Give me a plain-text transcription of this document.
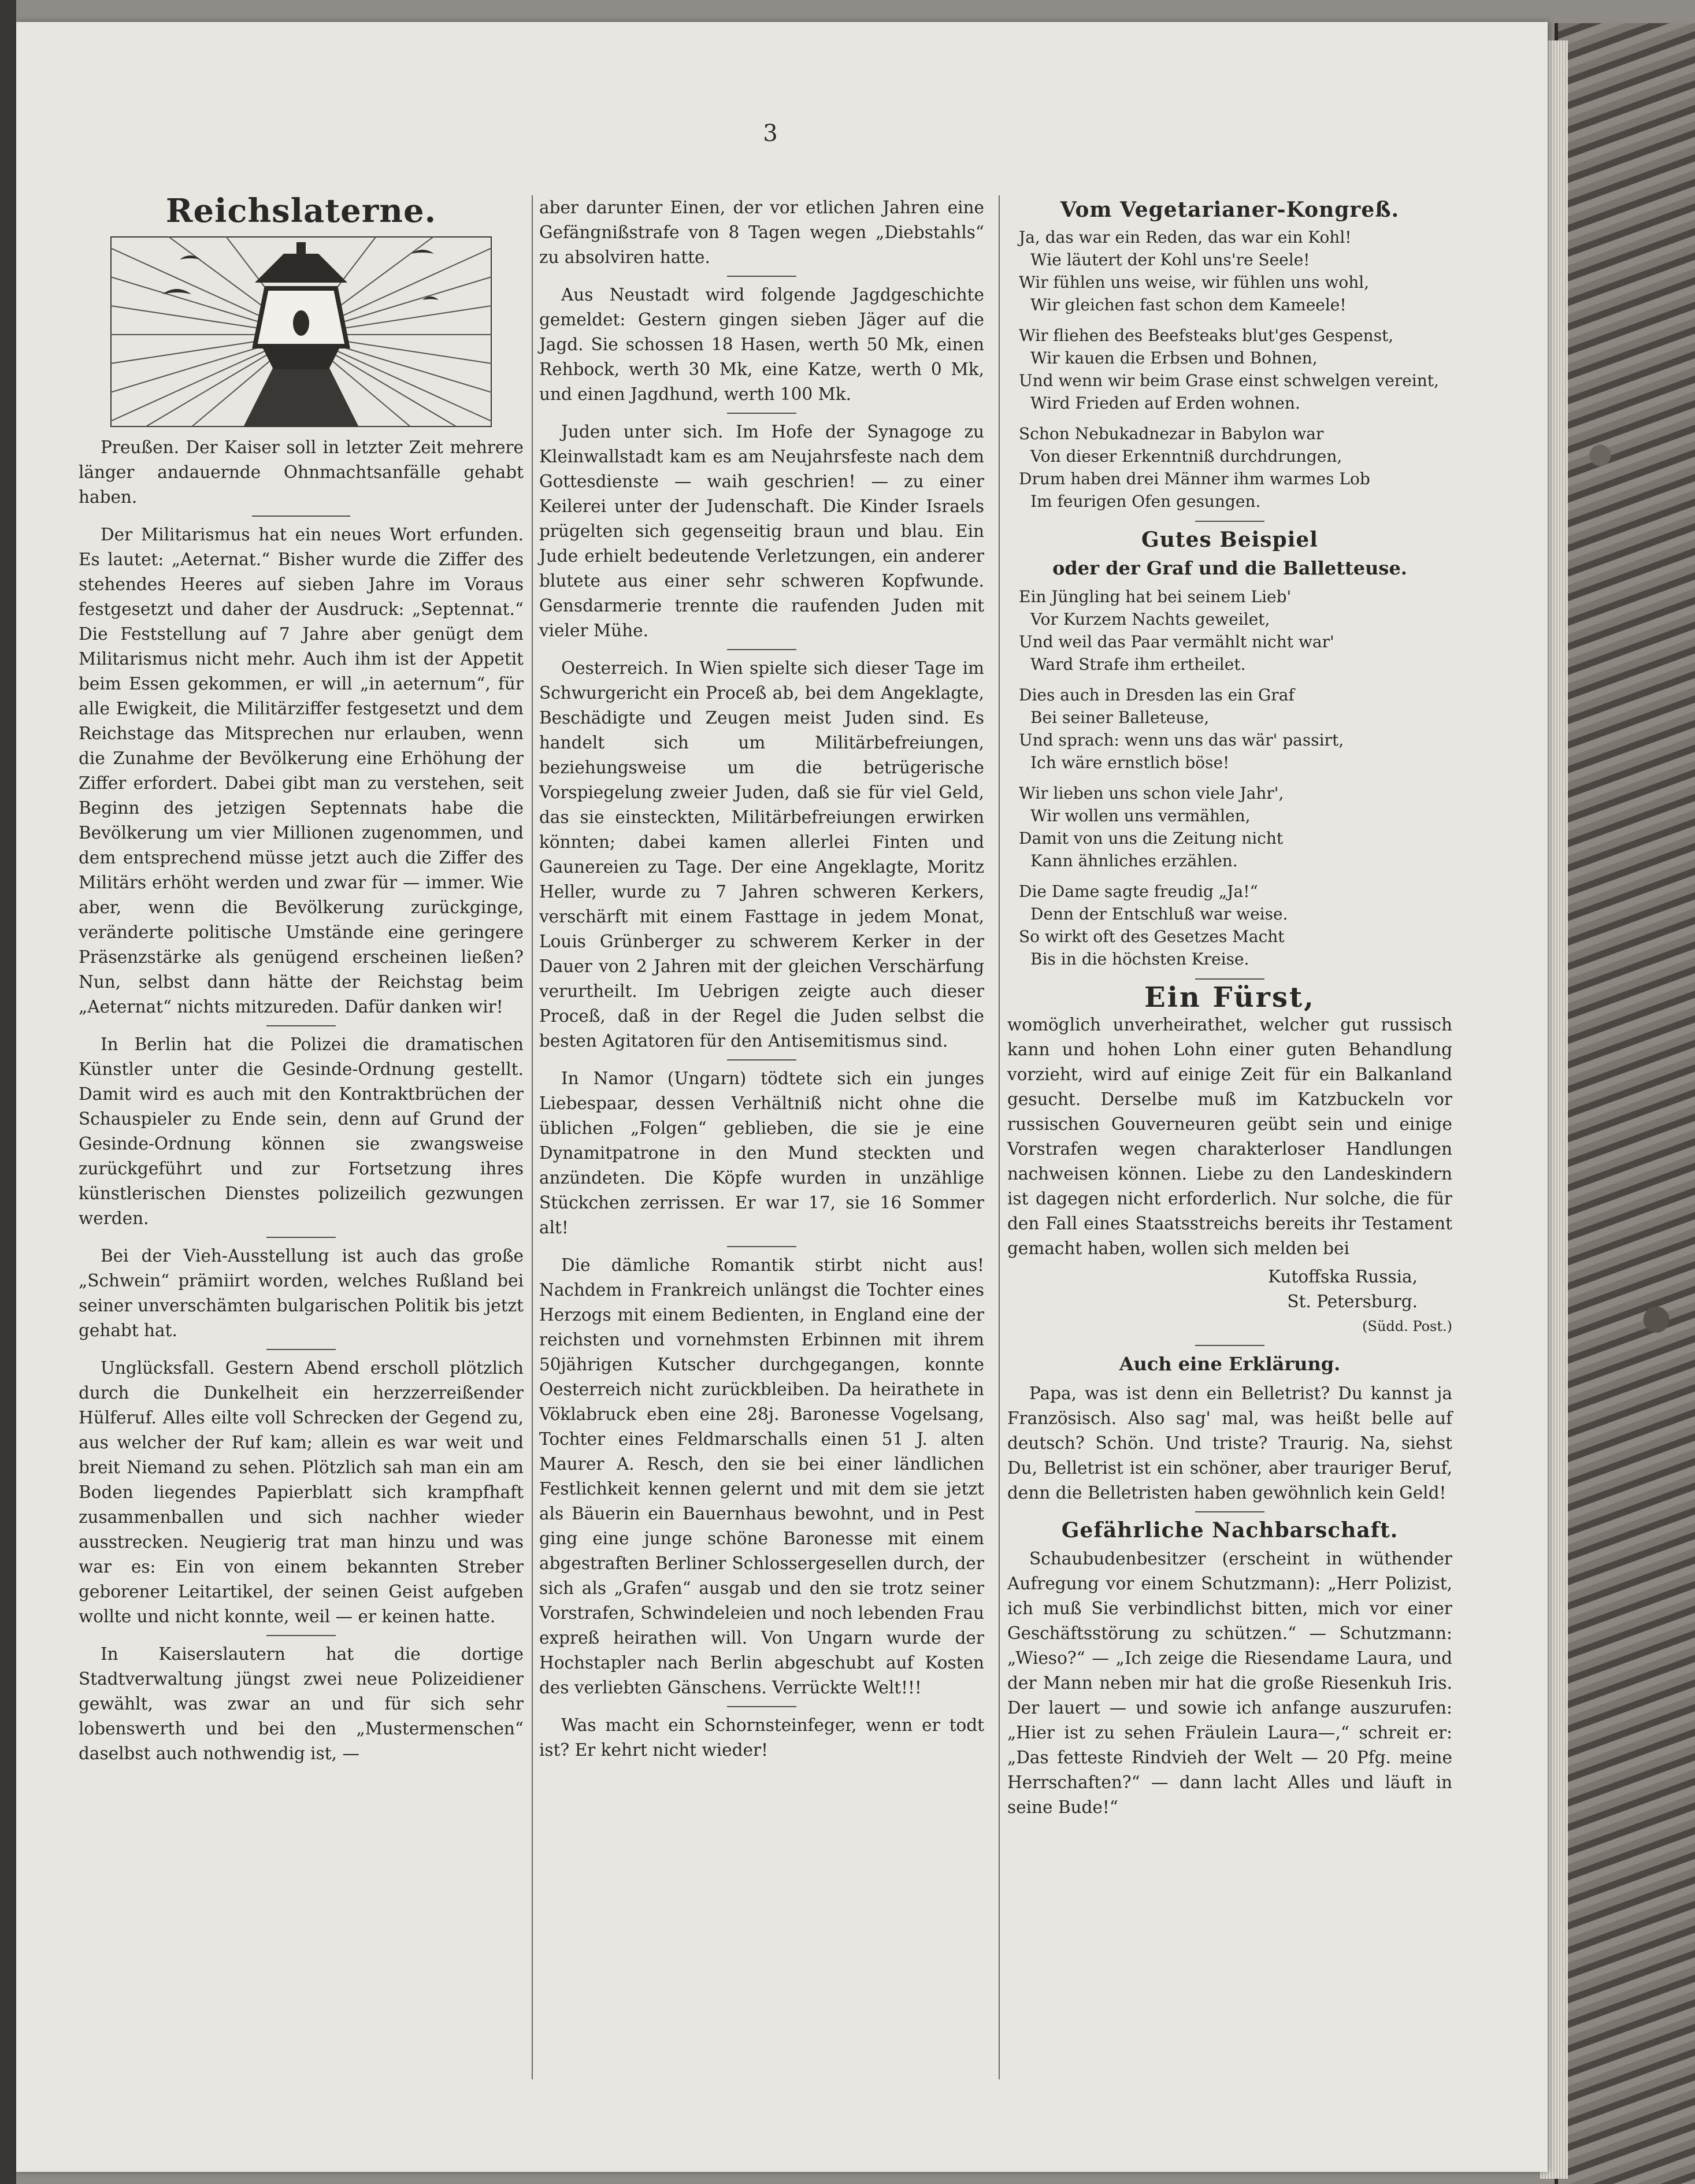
3
Reichslaterne.

Preußen. Der Kaiser soll in letzter Zeit mehrere länger andauernde Ohnmachtsanfälle gehabt haben.

Der Militarismus hat ein neues Wort erfunden. Es lautet: „Aeternat.“ Bisher wurde die Ziffer des stehendes Heeres auf sieben Jahre im Voraus festgesetzt und daher der Ausdruck: „Septennat.“ Die Feststellung auf 7 Jahre aber genügt dem Militarismus nicht mehr. Auch ihm ist der Appetit beim Essen gekommen, er will „in aeternum“, für alle Ewigkeit, die Militärziffer festgesetzt und dem Reichstage das Mitsprechen nur erlauben, wenn die Zunahme der Bevölkerung eine Erhöhung der Ziffer erfordert. Dabei gibt man zu verstehen, seit Beginn des jetzigen Septennats habe die Bevölkerung um vier Millionen zugenommen, und dem entsprechend müsse jetzt auch die Ziffer des Militärs erhöht werden und zwar für — immer. Wie aber, wenn die Bevölkerung zurückginge, veränderte politische Umstände eine geringere Präsenzstärke als genügend erscheinen ließen? Nun, selbst dann hätte der Reichstag beim „Aeternat“ nichts mitzureden. Dafür danken wir!

In Berlin hat die Polizei die dramatischen Künstler unter die Gesinde-Ordnung gestellt. Damit wird es auch mit den Kontraktbrüchen der Schauspieler zu Ende sein, denn auf Grund der Gesinde-Ordnung können sie zwangsweise zurückgeführt und zur Fortsetzung ihres künstlerischen Dienstes polizeilich gezwungen werden.

Bei der Vieh-Ausstellung ist auch das große „Schwein“ prämiirt worden, welches Rußland bei seiner unverschämten bulgarischen Politik bis jetzt gehabt hat.

Unglücksfall. Gestern Abend erscholl plötzlich durch die Dunkelheit ein herzzerreißender Hülferuf. Alles eilte voll Schrecken der Gegend zu, aus welcher der Ruf kam; allein es war weit und breit Niemand zu sehen. Plötzlich sah man ein am Boden liegendes Papierblatt sich krampfhaft zusammenballen und sich nachher wieder ausstrecken. Neugierig trat man hinzu und was war es: Ein von einem bekannten Streber geborener Leitartikel, der seinen Geist aufgeben wollte und nicht konnte, weil — er keinen hatte.

In Kaiserslautern hat die dortige Stadtverwaltung jüngst zwei neue Polizeidiener gewählt, was zwar an und für sich sehr lobenswerth und bei den „Mustermenschen“ daselbst auch nothwendig ist, —

aber darunter Einen, der vor etlichen Jahren eine Gefängnißstrafe von 8 Tagen wegen „Diebstahls“ zu absolviren hatte.

Aus Neustadt wird folgende Jagdgeschichte gemeldet: Gestern gingen sieben Jäger auf die Jagd. Sie schossen 18 Hasen, werth 50 Mk, einen Rehbock, werth 30 Mk, eine Katze, werth 0 Mk, und einen Jagdhund, werth 100 Mk.

Juden unter sich. Im Hofe der Synagoge zu Kleinwallstadt kam es am Neujahrsfeste nach dem Gottesdienste — waih geschrien! — zu einer Keilerei unter der Judenschaft. Die Kinder Israels prügelten sich gegenseitig braun und blau. Ein Jude erhielt bedeutende Verletzungen, ein anderer blutete aus einer sehr schweren Kopfwunde. Gensdarmerie trennte die raufenden Juden mit vieler Mühe.

Oesterreich. In Wien spielte sich dieser Tage im Schwurgericht ein Proceß ab, bei dem Angeklagte, Beschädigte und Zeugen meist Juden sind. Es handelt sich um Militärbefreiungen, beziehungsweise um die betrügerische Vorspiegelung zweier Juden, daß sie für viel Geld, das sie einsteckten, Militärbefreiungen erwirken könnten; dabei kamen allerlei Finten und Gaunereien zu Tage. Der eine Angeklagte, Moritz Heller, wurde zu 7 Jahren schweren Kerkers, verschärft mit einem Fasttage in jedem Monat, Louis Grünberger zu schwerem Kerker in der Dauer von 2 Jahren mit der gleichen Verschärfung verurtheilt. Im Uebrigen zeigte auch dieser Proceß, daß in der Regel die Juden selbst die besten Agitatoren für den Antisemitismus sind.

In Namor (Ungarn) tödtete sich ein junges Liebespaar, dessen Verhältniß nicht ohne die üblichen „Folgen“ geblieben, die sie je eine Dynamitpatrone in den Mund steckten und anzündeten. Die Köpfe wurden in unzählige Stückchen zerrissen. Er war 17, sie 16 Sommer alt!

Die dämliche Romantik stirbt nicht aus! Nachdem in Frankreich unlängst die Tochter eines Herzogs mit einem Bedienten, in England eine der reichsten und vornehmsten Erbinnen mit ihrem 50jährigen Kutscher durchgegangen, konnte Oesterreich nicht zurückbleiben. Da heirathete in Vöklabruck eben eine 28j. Baronesse Vogelsang, Tochter eines Feldmarschalls einen 51 J. alten Maurer A. Resch, den sie bei einer ländlichen Festlichkeit kennen gelernt und mit dem sie jetzt als Bäuerin ein Bauernhaus bewohnt, und in Pest ging eine junge schöne Baronesse mit einem abgestraften Berliner Schlossergesellen durch, der sich als „Grafen“ ausgab und den sie trotz seiner Vorstrafen, Schwindeleien und noch lebenden Frau expreß heirathen will. Von Ungarn wurde der Hochstapler nach Berlin abgeschubt auf Kosten des verliebten Gänschens. Verrückte Welt!!!

Was macht ein Schornsteinfeger, wenn er todt ist? Er kehrt nicht wieder!

Vom Vegetarianer-Kongreß.
Ja, das war ein Reden, das war ein Kohl!
Wie läutert der Kohl uns're Seele!
Wir fühlen uns weise, wir fühlen uns wohl,
Wir gleichen fast schon dem Kameele!
Wir fliehen des Beefsteaks blut'ges Gespenst,
Wir kauen die Erbsen und Bohnen,
Und wenn wir beim Grase einst schwelgen vereint,
Wird Frieden auf Erden wohnen.
Schon Nebukadnezar in Babylon war
Von dieser Erkenntniß durchdrungen,
Drum haben drei Männer ihm warmes Lob
Im feurigen Ofen gesungen.
Gutes Beispiel
oder der Graf und die Balletteuse.
Ein Jüngling hat bei seinem Lieb'
Vor Kurzem Nachts geweilet,
Und weil das Paar vermählt nicht war'
Ward Strafe ihm ertheilet.
Dies auch in Dresden las ein Graf
Bei seiner Balleteuse,
Und sprach: wenn uns das wär' passirt,
Ich wäre ernstlich böse!
Wir lieben uns schon viele Jahr',
Wir wollen uns vermählen,
Damit von uns die Zeitung nicht
Kann ähnliches erzählen.
Die Dame sagte freudig „Ja!“
Denn der Entschluß war weise.
So wirkt oft des Gesetzes Macht
Bis in die höchsten Kreise.
Ein Fürst,

womöglich unverheirathet, welcher gut russisch kann und hohen Lohn einer guten Behandlung vorzieht, wird auf einige Zeit für ein Balkanland gesucht. Derselbe muß im Katzbuckeln vor russischen Gouverneuren geübt sein und einige Vorstrafen wegen charakterloser Handlungen nachweisen können. Liebe zu den Landeskindern ist dagegen nicht erforderlich. Nur solche, die für den Fall eines Staatsstreichs bereits ihr Testament gemacht haben, wollen sich melden bei

Kutoffska Russia,
St. Petersburg.
(Südd. Post.)
Auch eine Erklärung.

Papa, was ist denn ein Belletrist? Du kannst ja Französisch. Also sag' mal, was heißt belle auf deutsch? Schön. Und triste? Traurig. Na, siehst Du, Belletrist ist ein schöner, aber trauriger Beruf, denn die Belletristen haben gewöhnlich kein Geld!

Gefährliche Nachbarschaft.

Schaubudenbesitzer (erscheint in wüthender Aufregung vor einem Schutzmann): „Herr Polizist, ich muß Sie verbindlichst bitten, mich vor einer Geschäftsstörung zu schützen.“ — Schutzmann: „Wieso?“ — „Ich zeige die Riesendame Laura, und der Mann neben mir hat die große Riesenkuh Iris. Der lauert — und sowie ich anfange auszurufen: „Hier ist zu sehen Fräulein Laura—,“ schreit er: „Das fetteste Rindvieh der Welt — 20 Pfg. meine Herrschaften?“ — dann lacht Alles und läuft in seine Bude!“
